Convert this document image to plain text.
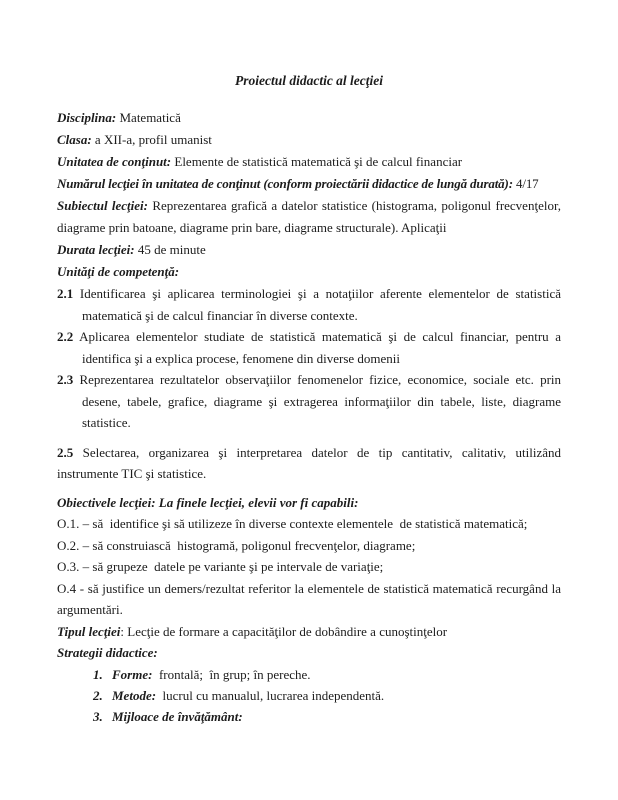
Proiectul didactic al lecţiei

Disciplina: Matematică

Clasa: a XII-a, profil umanist

Unitatea de conţinut: Elemente de statistică matematică şi de calcul financiar

Numărul lecţiei în unitatea de conţinut (conform proiectării didactice de lungă durată): 4/17

Subiectul lecţiei: Reprezentarea grafică a datelor statistice (histograma, poligonul frecvenţelor, diagrame prin batoane, diagrame prin bare, diagrame structurale). Aplicaţii

Durata lecţiei: 45 de minute

Unităţi de competenţă:

2.1 Identificarea şi aplicarea terminologiei şi a notaţiilor aferente elementelor de statistică matematică şi de calcul financiar în diverse contexte.

2.2 Aplicarea elementelor studiate de statistică matematică şi de calcul financiar, pentru a identifica şi a explica procese, fenomene din diverse domenii

2.3 Reprezentarea rezultatelor observaţiilor fenomenelor fizice, economice, sociale etc. prin desene, tabele, grafice, diagrame şi extragerea informaţiilor din tabele, liste, diagrame statistice.

2.5 Selectarea, organizarea şi interpretarea datelor de tip cantitativ, calitativ, utilizând instrumente TIC şi statistice.

Obiectivele lecţiei: La finele lecţiei, elevii vor fi capabili:

O.1. – să  identifice şi să utilizeze în diverse contexte elementele  de statistică matematică;

O.2. – să construiască  histogramă, poligonul frecvenţelor, diagrame;

O.3. – să grupeze  datele pe variante şi pe intervale de variaţie;

O.4 - să justifice un demers/rezultat referitor la elementele de statistică matematică recurgând la argumentări.

Tipul lecţiei: Lecţie de formare a capacităţilor de dobândire a cunoştinţelor

Strategii didactice:

1. Forme:  frontală;  în grup; în pereche.

2. Metode:  lucrul cu manualul, lucrarea independentă.

3. Mijloace de învăţământ:
